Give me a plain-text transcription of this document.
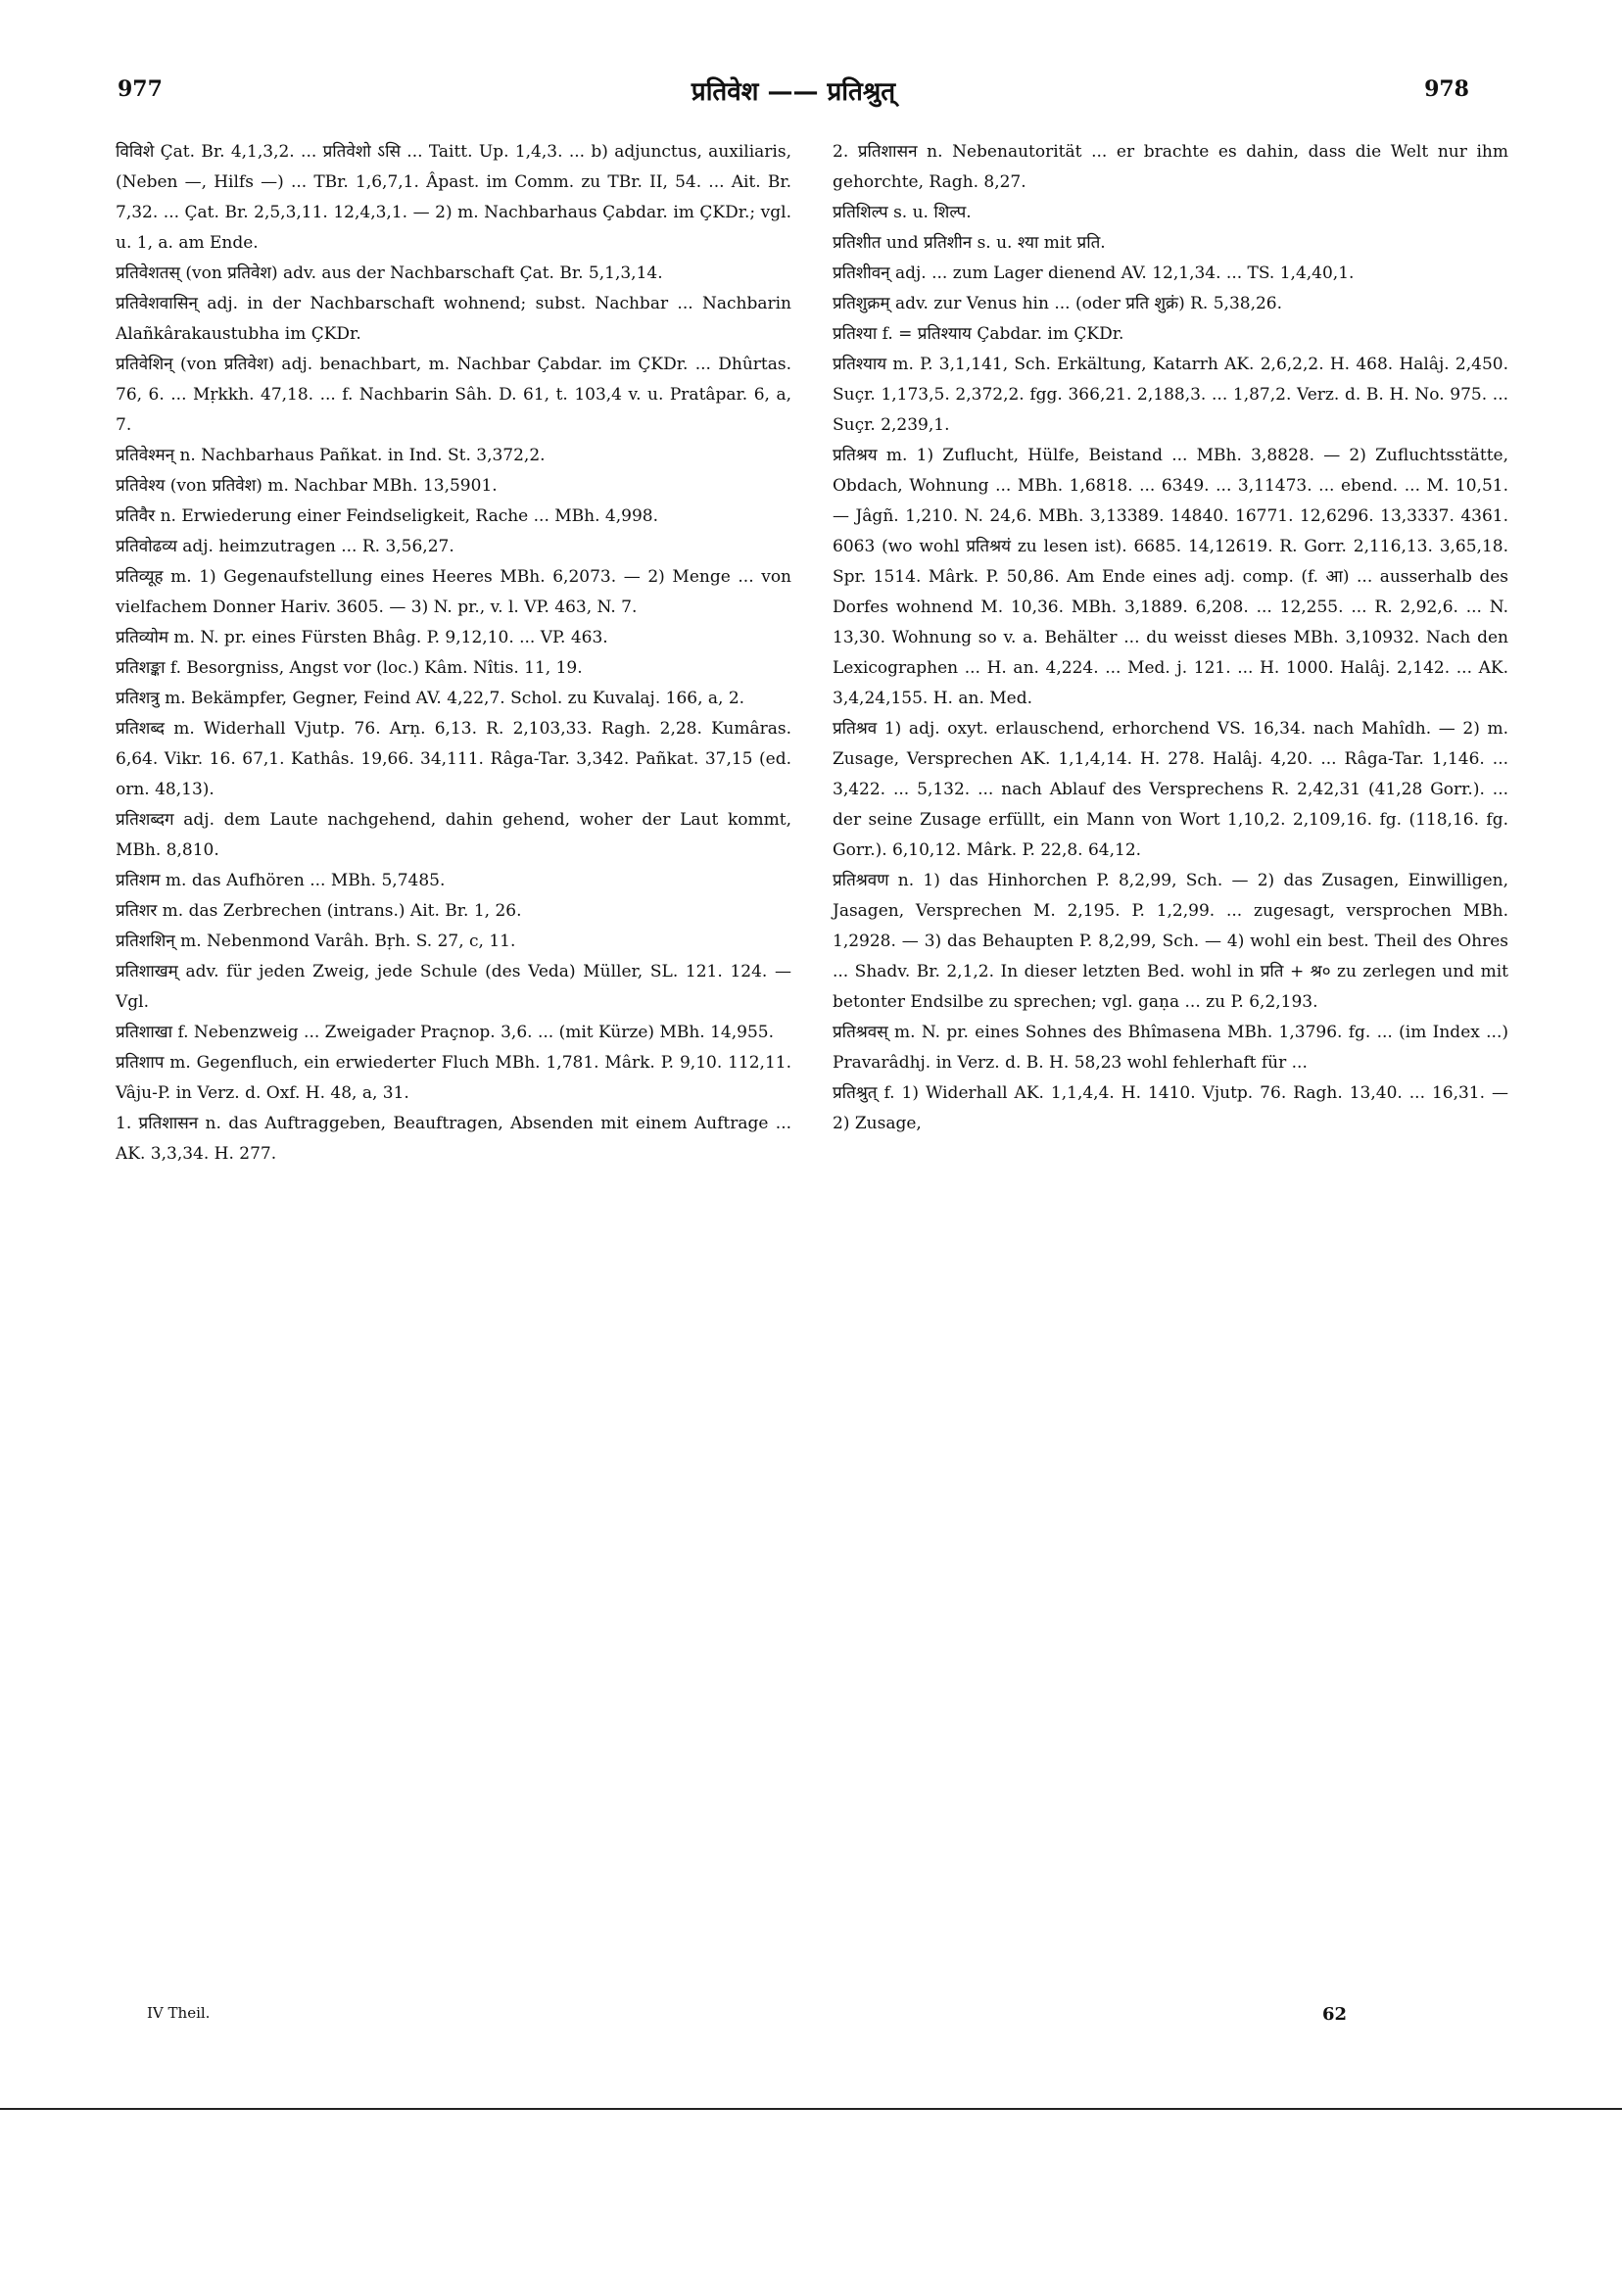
977	प्रतिवेश —— प्रतिश्रुत्	978
विविशे Çat. Br. 4,1,3,2. ... प्रतिवेशो ऽसि ... Taitt. Up. 1,4,3. ... b) adjunctus, auxiliaris, (Neben —, Hilfs —) ... TBr. 1,6,7,1. Âpast. im Comm. zu TBr. II, 54. ... Ait. Br. 7,32. ... Çat. Br. 2,5,3,11. 12,4,3,1. — 2) m. Nachbarhaus Çabdar. im ÇKDr.; vgl. u. 1, a. am Ende.
प्रतिवेशतस् (von प्रतिवेश) adv. aus der Nachbarschaft Çat. Br. 5,1,3,14.
प्रतिवेशवासिन् adj. in der Nachbarschaft wohnend; subst. Nachbar ... Nachbarin Alañkârakaustubha im ÇKDr.
प्रतिवेशिन् (von प्रतिवेश) adj. benachbart, m. Nachbar Çabdar. im ÇKDr. ... Dhûrtas. 76, 6. ... Mṛkkh. 47,18. ... f. Nachbarin Sâh. D. 61, t. 103,4 v. u. Pratâpar. 6, a, 7.
प्रतिवेश्मन् n. Nachbarhaus Pañkat. in Ind. St. 3,372,2.
प्रतिवेश्य (von प्रतिवेश) m. Nachbar MBh. 13,5901.
प्रतिवैर n. Erwiederung einer Feindseligkeit, Rache ... MBh. 4,998.
प्रतिवोढव्य adj. heimzutragen ... R. 3,56,27.
प्रतिव्यूह m. 1) Gegenaufstellung eines Heeres MBh. 6,2073. — 2) Menge ... von vielfachem Donner Hariv. 3605. — 3) N. pr., v. l. VP. 463, N. 7.
प्रतिव्योम m. N. pr. eines Fürsten Bhâg. P. 9,12,10. ... VP. 463.
प्रतिशङ्का f. Besorgniss, Angst vor (loc.) Kâm. Nîtis. 11, 19.
प्रतिशत्रु m. Bekämpfer, Gegner, Feind AV. 4,22,7. Schol. zu Kuvalaj. 166, a, 2.
प्रतिशब्द m. Widerhall Vjutp. 76. Arṇ. 6,13. R. 2,103,33. Ragh. 2,28. Kumâras. 6,64. Vikr. 16. 67,1. Kathâs. 19,66. 34,111. Râga-Tar. 3,342. Pañkat. 37,15 (ed. orn. 48,13).
प्रतिशब्दग adj. dem Laute nachgehend, dahin gehend, woher der Laut kommt, MBh. 8,810.
प्रतिशम m. das Aufhören ... MBh. 5,7485.
प्रतिशर m. das Zerbrechen (intrans.) Ait. Br. 1, 26.
प्रतिशशिन् m. Nebenmond Varâh. Bṛh. S. 27, c, 11.
प्रतिशाखम् adv. für jeden Zweig, jede Schule (des Veda) Müller, SL. 121. 124. — Vgl.
प्रतिशाखा f. Nebenzweig ... Zweigader Praçnop. 3,6. ... (mit Kürze) MBh. 14,955.
प्रतिशाप m. Gegenfluch, ein erwiederter Fluch MBh. 1,781. Mârk. P. 9,10. 112,11. Vâju-P. in Verz. d. Oxf. H. 48, a, 31.
1. प्रतिशासन n. das Auftraggeben, Beauftragen, Absenden mit einem Auftrage ... AK. 3,3,34. H. 277.
2. प्रतिशासन n. Nebenautorität ... er brachte es dahin, dass die Welt nur ihm gehorchte, Ragh. 8,27.
प्रतिशिल्प s. u. शिल्प.
प्रतिशीत und प्रतिशीन s. u. श्या mit प्रति.
प्रतिशीवन् adj. ... zum Lager dienend AV. 12,1,34. ... TS. 1,4,40,1.
प्रतिशुक्रम् adv. zur Venus hin ... (oder प्रति शुक्रं) R. 5,38,26.
प्रतिश्या f. = प्रतिश्याय Çabdar. im ÇKDr.
प्रतिश्याय m. P. 3,1,141, Sch. Erkältung, Katarrh AK. 2,6,2,2. H. 468. Halâj. 2,450. Suçr. 1,173,5. 2,372,2. fgg. 366,21. 2,188,3. ... 1,87,2. Verz. d. B. H. No. 975. ... Suçr. 2,239,1.
प्रतिश्रय m. 1) Zuflucht, Hülfe, Beistand ... MBh. 3,8828. — 2) Zufluchtsstätte, Obdach, Wohnung ... MBh. 1,6818. ... 6349. ... 3,11473. ... ebend. ... M. 10,51. — Jâgñ. 1,210. N. 24,6. MBh. 3,13389. 14840. 16771. 12,6296. 13,3337. 4361. 6063 (wo wohl प्रतिश्रयं zu lesen ist). 6685. 14,12619. R. Gorr. 2,116,13. 3,65,18. Spr. 1514. Mârk. P. 50,86. Am Ende eines adj. comp. (f. आ) ... ausserhalb des Dorfes wohnend M. 10,36. MBh. 3,1889. 6,208. ... 12,255. ... R. 2,92,6. ... N. 13,30. Wohnung so v. a. Behälter ... du weisst dieses MBh. 3,10932. Nach den Lexicographen ... H. an. 4,224. ... Med. j. 121. ... H. 1000. Halâj. 2,142. ... AK. 3,4,24,155. H. an. Med.
प्रतिश्रव 1) adj. oxyt. erlauschend, erhorchend VS. 16,34. nach Mahîdh. — 2) m. Zusage, Versprechen AK. 1,1,4,14. H. 278. Halâj. 4,20. ... Râga-Tar. 1,146. ... 3,422. ... 5,132. ... nach Ablauf des Versprechens R. 2,42,31 (41,28 Gorr.). ... der seine Zusage erfüllt, ein Mann von Wort 1,10,2. 2,109,16. fg. (118,16. fg. Gorr.). 6,10,12. Mârk. P. 22,8. 64,12.
प्रतिश्रवण n. 1) das Hinhorchen P. 8,2,99, Sch. — 2) das Zusagen, Einwilligen, Jasagen, Versprechen M. 2,195. P. 1,2,99. ... zugesagt, versprochen MBh. 1,2928. — 3) das Behaupten P. 8,2,99, Sch. — 4) wohl ein best. Theil des Ohres ... Shadv. Br. 2,1,2. In dieser letzten Bed. wohl in प्रति + श्र० zu zerlegen und mit betonter Endsilbe zu sprechen; vgl. gaṇa ... zu P. 6,2,193.
प्रतिश्रवस् m. N. pr. eines Sohnes des Bhîmasena MBh. 1,3796. fg. ... (im Index ...) Pravarâdhj. in Verz. d. B. H. 58,23 wohl fehlerhaft für ...
प्रतिश्रुत् f. 1) Widerhall AK. 1,1,4,4. H. 1410. Vjutp. 76. Ragh. 13,40. ... 16,31. — 2) Zusage,
IV Theil.	62
